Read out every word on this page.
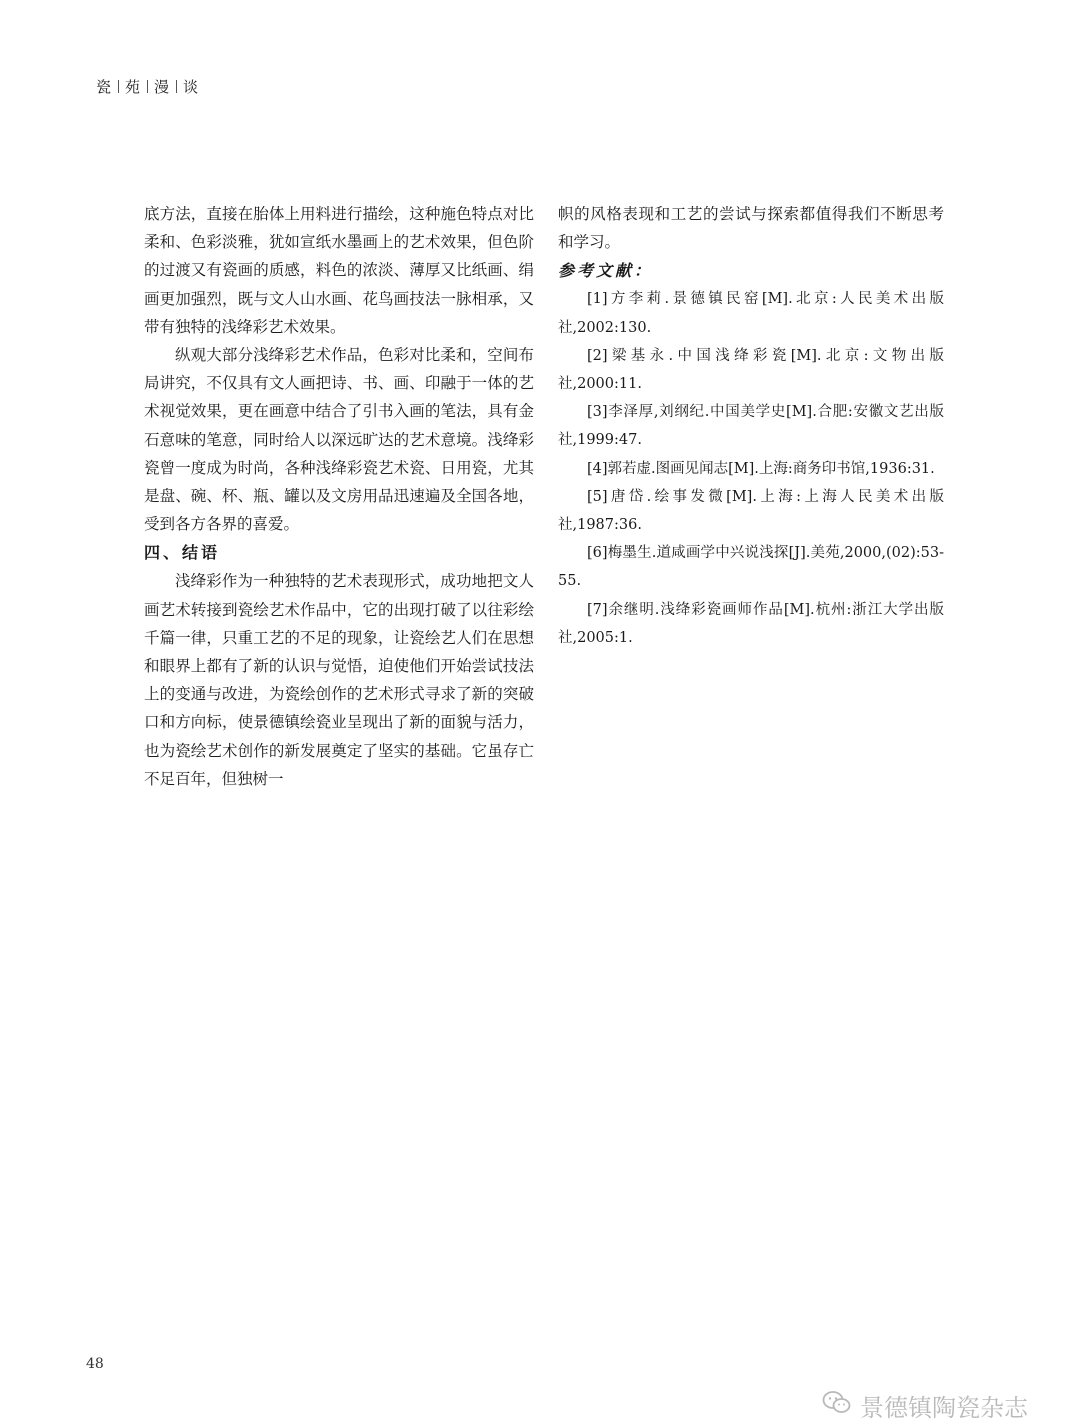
瓷 苑 漫 谈

底方法，直接在胎体上用料进行描绘，这种施色特点对比柔和、色彩淡雅，犹如宣纸水墨画上的艺术效果，但色阶的过渡又有瓷画的质感，料色的浓淡、薄厚又比纸画、绢画更加强烈，既与文人山水画、花鸟画技法一脉相承，又带有独特的浅绛彩艺术效果。

纵观大部分浅绛彩艺术作品，色彩对比柔和，空间布局讲究，不仅具有文人画把诗、书、画、印融于一体的艺术视觉效果，更在画意中结合了引书入画的笔法，具有金石意味的笔意，同时给人以深远旷达的艺术意境。浅绛彩瓷曾一度成为时尚，各种浅绛彩瓷艺术瓷、日用瓷，尤其是盘、碗、杯、瓶、罐以及文房用品迅速遍及全国各地，受到各方各界的喜爱。

四、结语

浅绛彩作为一种独特的艺术表现形式，成功地把文人画艺术转接到瓷绘艺术作品中，它的出现打破了以往彩绘千篇一律，只重工艺的不足的现象，让瓷绘艺人们在思想和眼界上都有了新的认识与觉悟，迫使他们开始尝试技法上的变通与改进，为瓷绘创作的艺术形式寻求了新的突破口和方向标，使景德镇绘瓷业呈现出了新的面貌与活力，也为瓷绘艺术创作的新发展奠定了坚实的基础。它虽存亡不足百年，但独树一

帜的风格表现和工艺的尝试与探索都值得我们不断思考和学习。

参考文献：

[1]方李莉.景德镇民窑[M].北京:人民美术出版社,2002:130.

[2]梁基永.中国浅绛彩瓷[M].北京:文物出版社,2000:11.

[3]李泽厚,刘纲纪.中国美学史[M].合肥:安徽文艺出版社,1999:47.

[4]郭若虚.图画见闻志[M].上海:商务印书馆,1936:31.

[5]唐岱.绘事发微[M].上海:上海人民美术出版社,1987:36.

[6]梅墨生.道咸画学中兴说浅探[J].美苑,2000,(02):53-55.

[7]余继明.浅绛彩瓷画师作品[M].杭州:浙江大学出版社,2005:1.

48
景德镇陶瓷杂志
